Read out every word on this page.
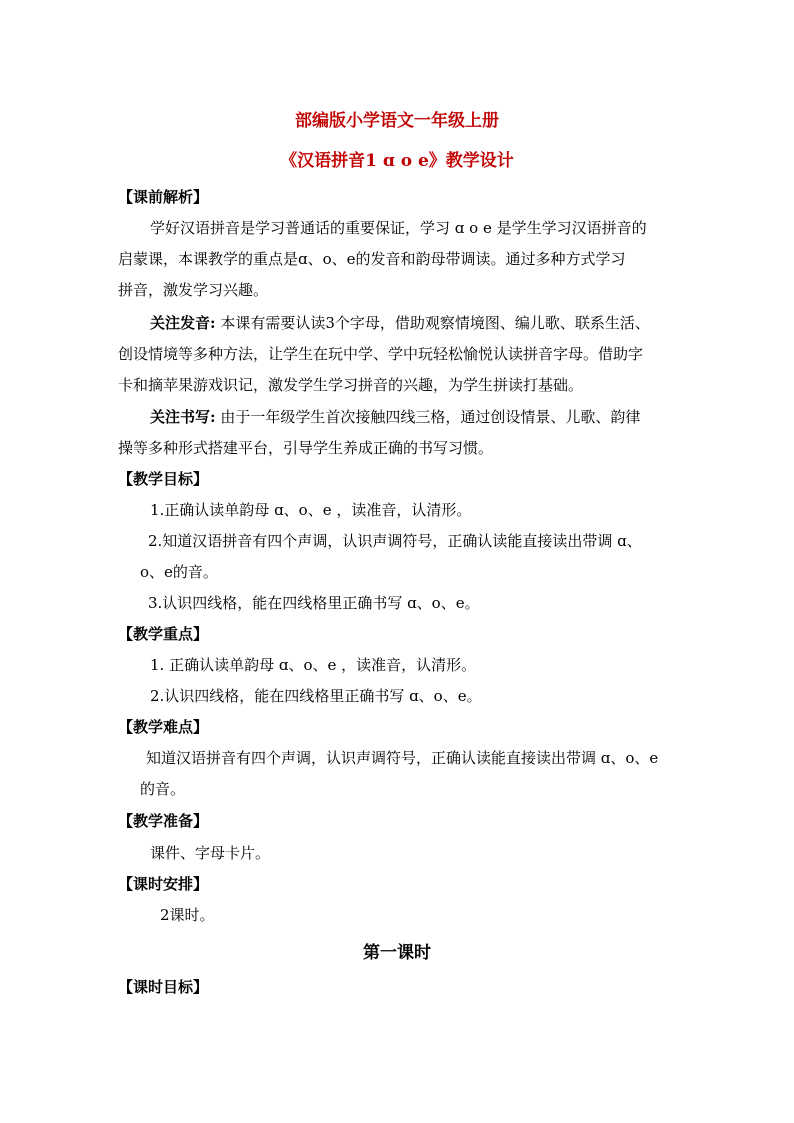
部编版小学语文一年级上册
《汉语拼音1 ɑ o e》教学设计
【课前解析】
学好汉语拼音是学习普通话的重要保证，学习 ɑ o e 是学生学习汉语拼音的
启蒙课，本课教学的重点是ɑ、o、e的发音和韵母带调读。通过多种方式学习
拼音，激发学习兴趣。
关注发音: 本课有需要认读3个字母，借助观察情境图、编儿歌、联系生活、
创设情境等多种方法，让学生在玩中学、学中玩轻松愉悦认读拼音字母。借助字
卡和摘苹果游戏识记，激发学生学习拼音的兴趣，为学生拼读打基础。
关注书写: 由于一年级学生首次接触四线三格，通过创设情景、儿歌、韵律
操等多种形式搭建平台，引导学生养成正确的书写习惯。
【教学目标】
1.正确认读单韵母 ɑ、o、e ，读准音，认清形。
2.知道汉语拼音有四个声调，认识声调符号，正确认读能直接读出带调 ɑ、
o、e的音。
3.认识四线格，能在四线格里正确书写 ɑ、o、e。
【教学重点】
1. 正确认读单韵母 ɑ、o、e ，读准音，认清形。
2.认识四线格，能在四线格里正确书写 ɑ、o、e。
【教学难点】
知道汉语拼音有四个声调，认识声调符号，正确认读能直接读出带调 ɑ、o、e
的音。
【教学准备】
课件、字母卡片。
【课时安排】
2课时。
第一课时
【课时目标】
